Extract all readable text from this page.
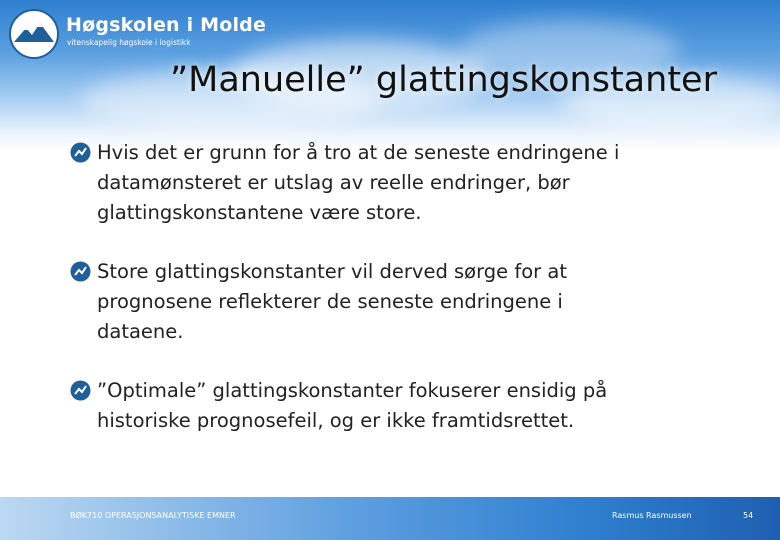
Høgskolen i Molde
vitenskapelig høgskole i logistikk
”Manuelle” glattingskonstanter
Hvis det er grunn for å tro at de seneste endringene i
datamønsteret er utslag av reelle endringer, bør
glattingskonstantene være store.
Store glattingskonstanter vil derved sørge for at
prognosene reflekterer de seneste endringene i
dataene.
”Optimale” glattingskonstanter fokuserer ensidig på
historiske prognosefeil, og er ikke framtidsrettet.
BØK710 OPERASJONSANALYTISKE EMNER	Rasmus Rasmussen	54
